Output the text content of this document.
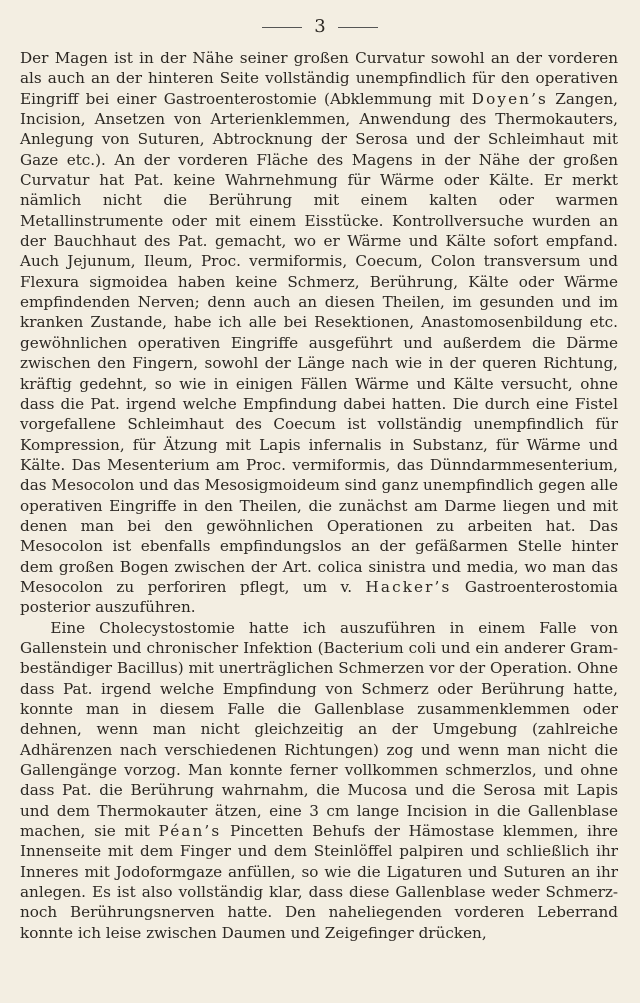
3

Der Magen ist in der Nähe seiner großen Curvatur sowohl an der vorderen als auch an der hinteren Seite vollständig unempfindlich für den operativen Eingriff bei einer Gastroenterostomie (Abklemmung mit Doyen’s Zangen, Incision, Ansetzen von Arterienklemmen, Anwendung des Thermokauters, Anlegung von Suturen, Abtrocknung der Serosa und der Schleimhaut mit Gaze etc.). An der vorderen Fläche des Magens in der Nähe der großen Curvatur hat Pat. keine Wahrnehmung für Wärme oder Kälte. Er merkt nämlich nicht die Berührung mit einem kalten oder warmen Metallinstrumente oder mit einem Eisstücke. Kontrollversuche wurden an der Bauchhaut des Pat. gemacht, wo er Wärme und Kälte sofort empfand. Auch Jejunum, Ileum, Proc. vermiformis, Coecum, Colon transversum und Flexura sigmoidea haben keine Schmerz, Berührung, Kälte oder Wärme empfindenden Nerven; denn auch an diesen Theilen, im gesunden und im kranken Zustande, habe ich alle bei Resektionen, Anastomosenbildung etc. gewöhnlichen operativen Eingriffe ausgeführt und außerdem die Därme zwischen den Fingern, sowohl der Länge nach wie in der queren Richtung, kräftig gedehnt, so wie in einigen Fällen Wärme und Kälte versucht, ohne dass die Pat. irgend welche Empfindung dabei hatten. Die durch eine Fistel vorgefallene Schleimhaut des Coecum ist vollständig unempfindlich für Kompression, für Ätzung mit Lapis infernalis in Substanz, für Wärme und Kälte. Das Mesenterium am Proc. vermiformis, das Dünndarmmesenterium, das Mesocolon und das Mesosigmoideum sind ganz unempfindlich gegen alle operativen Eingriffe in den Theilen, die zunächst am Darme liegen und mit denen man bei den gewöhnlichen Operationen zu arbeiten hat. Das Mesocolon ist ebenfalls empfindungslos an der gefäßarmen Stelle hinter dem großen Bogen zwischen der Art. colica sinistra und media, wo man das Mesocolon zu perforiren pflegt, um v. Hacker’s Gastroenterostomia posterior auszuführen.

Eine Cholecystostomie hatte ich auszuführen in einem Falle von Gallenstein und chronischer Infektion (Bacterium coli und ein anderer Gram-beständiger Bacillus) mit unerträglichen Schmerzen vor der Operation. Ohne dass Pat. irgend welche Empfindung von Schmerz oder Berührung hatte, konnte man in diesem Falle die Gallenblase zusammenklemmen oder dehnen, wenn man nicht gleichzeitig an der Umgebung (zahlreiche Adhärenzen nach verschiedenen Richtungen) zog und wenn man nicht die Gallengänge vorzog. Man konnte ferner vollkommen schmerzlos, und ohne dass Pat. die Berührung wahrnahm, die Mucosa und die Serosa mit Lapis und dem Thermokauter ätzen, eine 3 cm lange Incision in die Gallenblase machen, sie mit Péan’s Pincetten Behufs der Hämostase klemmen, ihre Innenseite mit dem Finger und dem Steinlöffel palpiren und schließlich ihr Inneres mit Jodoformgaze anfüllen, so wie die Ligaturen und Suturen an ihr anlegen. Es ist also vollständig klar, dass diese Gallenblase weder Schmerz- noch Berührungsnerven hatte. Den naheliegenden vorderen Leberrand konnte ich leise zwischen Daumen und Zeigefinger drücken,
